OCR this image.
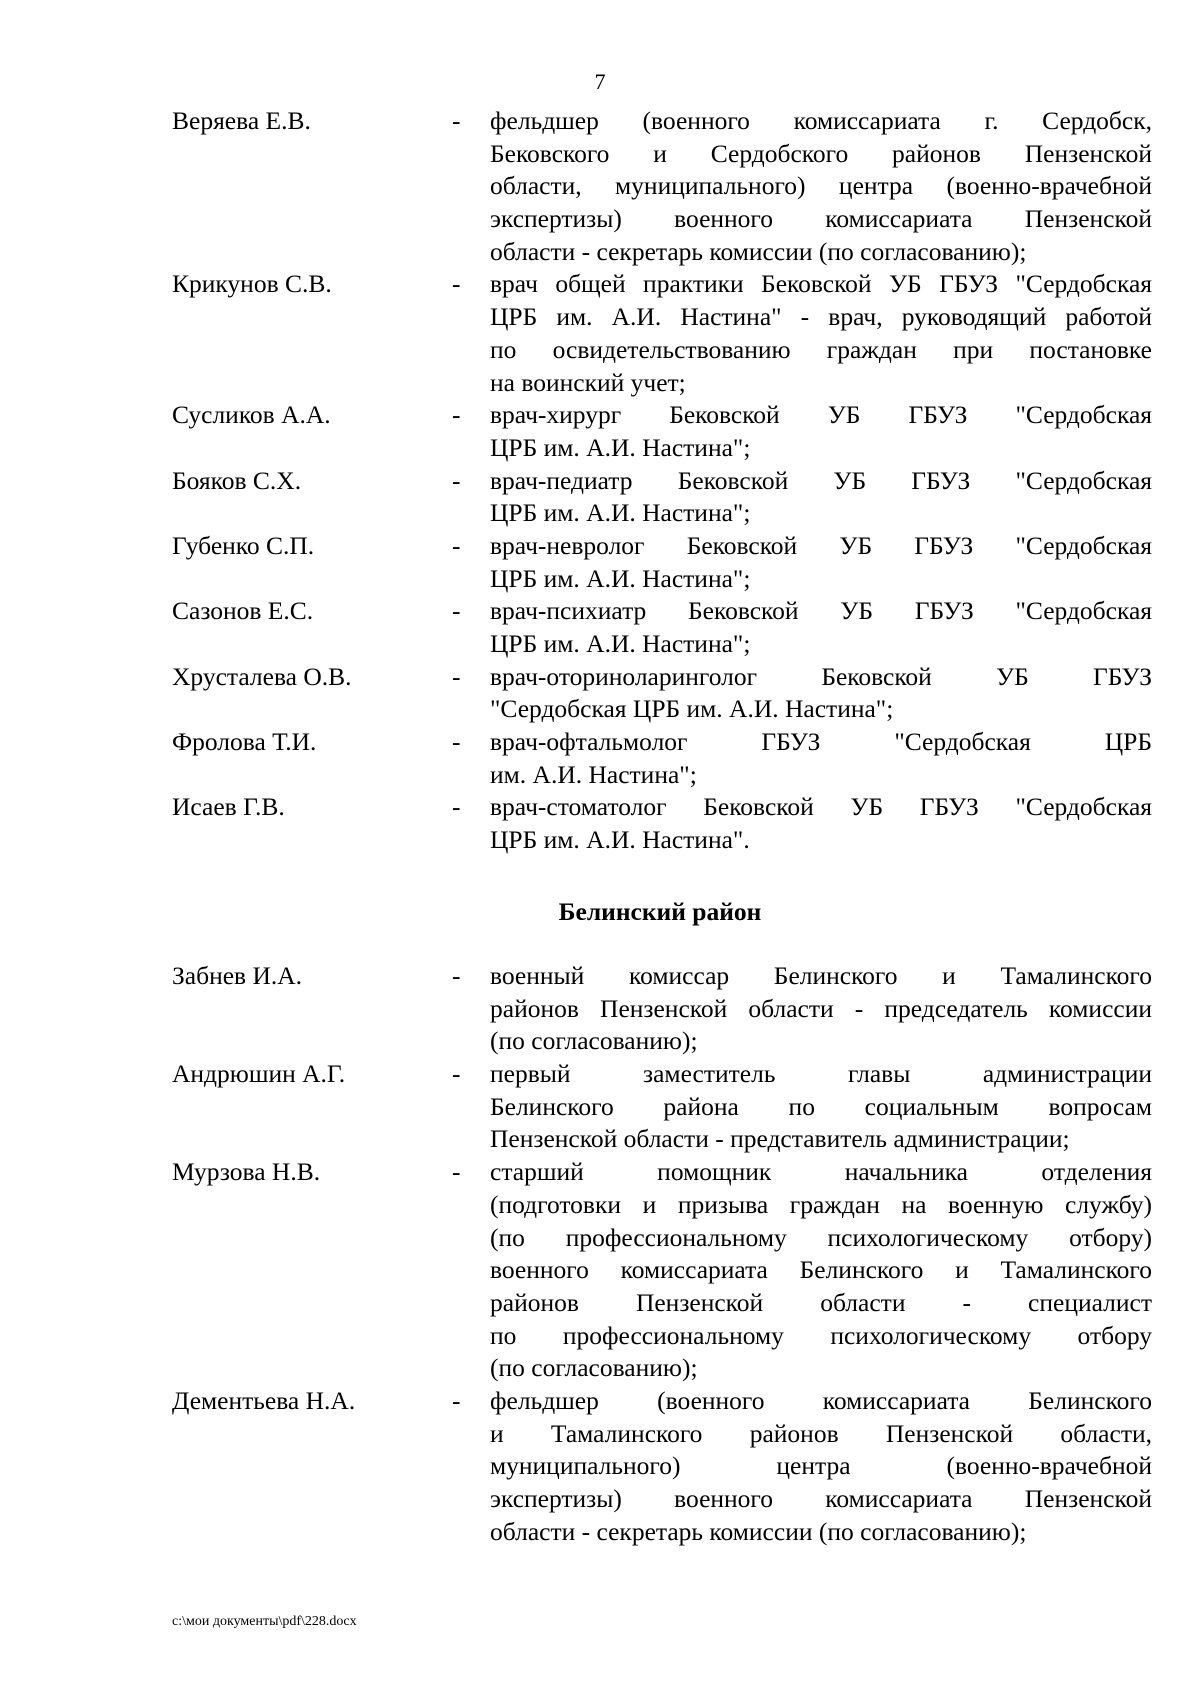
7
Веряева Е.В.	-	фельдшер (военного комиссариата г. Сердобск,
Бековского и Сердобского районов Пензенской
области, муниципального) центра (военно-врачебной
экспертизы) военного комиссариата Пензенской
области - секретарь комиссии (по согласованию);
Крикунов С.В.	-	врач общей практики Бековской УБ ГБУЗ "Сердобская
ЦРБ им. А.И. Настина" - врач, руководящий работой
по освидетельствованию граждан при постановке
на воинский учет;
Сусликов А.А.	-	врач-хирург Бековской УБ ГБУЗ "Сердобская
ЦРБ им. А.И. Настина";
Бояков С.Х.	-	врач-педиатр Бековской УБ ГБУЗ "Сердобская
ЦРБ им. А.И. Настина";
Губенко С.П.	-	врач-невролог Бековской УБ ГБУЗ "Сердобская
ЦРБ им. А.И. Настина";
Сазонов Е.С.	-	врач-психиатр Бековской УБ ГБУЗ "Сердобская
ЦРБ им. А.И. Настина";
Хрусталева О.В.	-	врач-оториноларинголог Бековской УБ ГБУЗ
"Сердобская ЦРБ им. А.И. Настина";
Фролова Т.И.	-	врач-офтальмолог ГБУЗ "Сердобская ЦРБ
им. А.И. Настина";
Исаев Г.В.	-	врач-стоматолог Бековской УБ ГБУЗ "Сердобская
ЦРБ им. А.И. Настина".
Белинский район
Забнев И.А.	-	военный комиссар Белинского и Тамалинского
районов Пензенской области - председатель комиссии
(по согласованию);
Андрюшин А.Г.	-	первый заместитель главы администрации
Белинского района по социальным вопросам
Пензенской области - представитель администрации;
Мурзова Н.В.	-	старший помощник начальника отделения
(подготовки и призыва граждан на военную службу)
(по профессиональному психологическому отбору)
военного комиссариата Белинского и Тамалинского
районов Пензенской области - специалист
по профессиональному психологическому отбору
(по согласованию);
Дементьева Н.А.	-	фельдшер (военного комиссариата Белинского
и Тамалинского районов Пензенской области,
муниципального) центра (военно-врачебной
экспертизы) военного комиссариата Пензенской
области - секретарь комиссии (по согласованию);
c:\мои документы\pdf\228.docx
